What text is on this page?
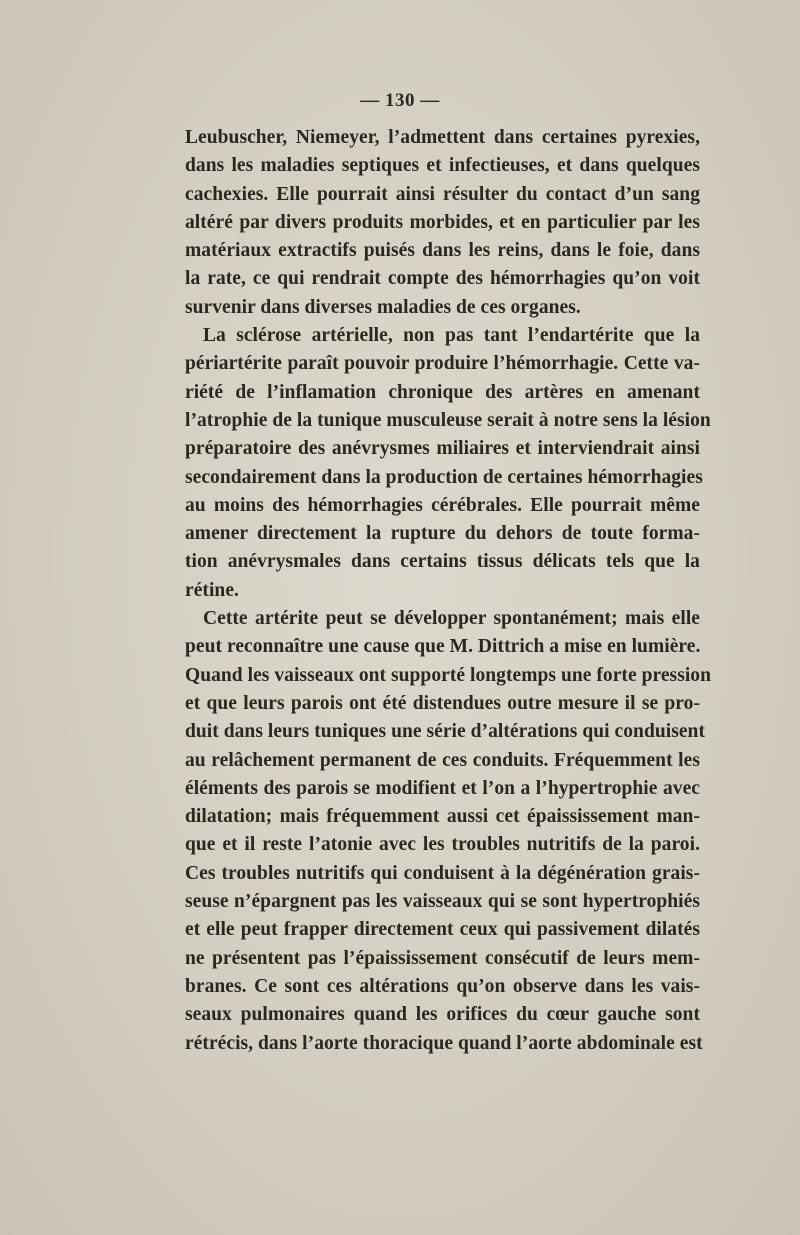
— 130 —
Leubuscher, Niemeyer, l’admettent dans certaines pyrexies,
dans les maladies septiques et infectieuses, et dans quelques
cachexies. Elle pourrait ainsi résulter du contact d’un sang
altéré par divers produits morbides, et en particulier par les
matériaux extractifs puisés dans les reins, dans le foie, dans
la rate, ce qui rendrait compte des hémorrhagies qu’on voit
survenir dans diverses maladies de ces organes.
La sclérose artérielle, non pas tant l’endartérite que la
périartérite paraît pouvoir produire l’hémorrhagie. Cette va-
riété de l’inflamation chronique des artères en amenant
l’atrophie de la tunique musculeuse serait à notre sens la lésion
préparatoire des anévrysmes miliaires et interviendrait ainsi
secondairement dans la production de certaines hémorrhagies
au moins des hémorrhagies cérébrales. Elle pourrait même
amener directement la rupture du dehors de toute forma-
tion anévrysmales dans certains tissus délicats tels que la
rétine.
Cette artérite peut se développer spontanément; mais elle
peut reconnaître une cause que M. Dittrich a mise en lumière.
Quand les vaisseaux ont supporté longtemps une forte pression
et que leurs parois ont été distendues outre mesure il se pro-
duit dans leurs tuniques une série d’altérations qui conduisent
au relâchement permanent de ces conduits. Fréquemment les
éléments des parois se modifient et l’on a l’hypertrophie avec
dilatation; mais fréquemment aussi cet épaississement man-
que et il reste l’atonie avec les troubles nutritifs de la paroi.
Ces troubles nutritifs qui conduisent à la dégénération grais-
seuse n’épargnent pas les vaisseaux qui se sont hypertrophiés
et elle peut frapper directement ceux qui passivement dilatés
ne présentent pas l’épaississement consécutif de leurs mem-
branes. Ce sont ces altérations qu’on observe dans les vais-
seaux pulmonaires quand les orifices du cœur gauche sont
rétrécis, dans l’aorte thoracique quand l’aorte abdominale est
